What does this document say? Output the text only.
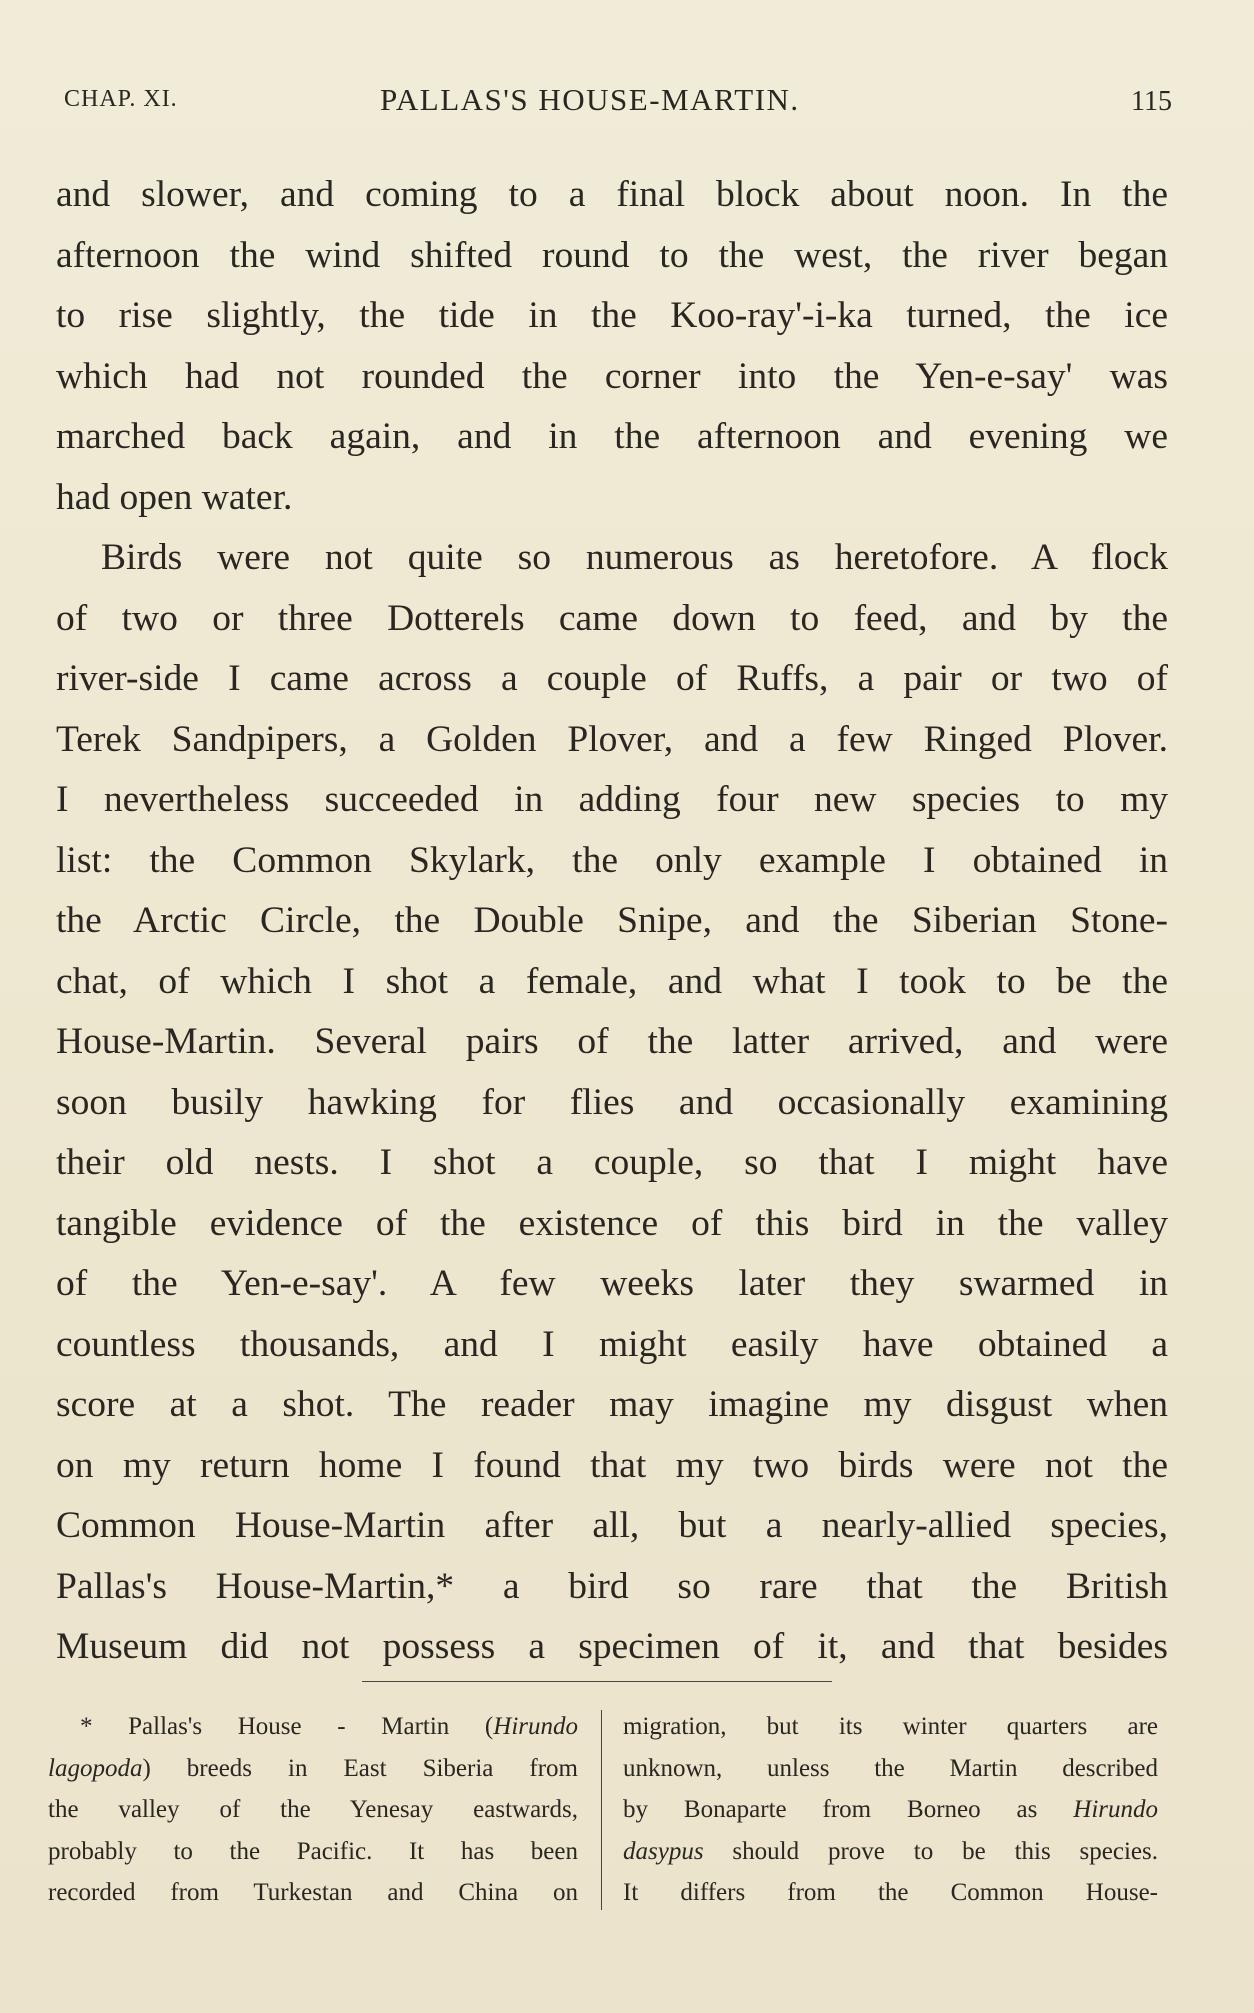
CHAP. XI.	PALLAS'S HOUSE-MARTIN.	115
and slower, and coming to a final block about noon. In the
afternoon the wind shifted round to the west, the river began
to rise slightly, the tide in the Koo-ray'-i-ka turned, the ice
which had not rounded the corner into the Yen-e-say' was
marched back again, and in the afternoon and evening we
had open water.
Birds were not quite so numerous as heretofore. A flock
of two or three Dotterels came down to feed, and by the
river-side I came across a couple of Ruffs, a pair or two of
Terek Sandpipers, a Golden Plover, and a few Ringed Plover.
I nevertheless succeeded in adding four new species to my
list: the Common Skylark, the only example I obtained in
the Arctic Circle, the Double Snipe, and the Siberian Stone-
chat, of which I shot a female, and what I took to be the
House-Martin. Several pairs of the latter arrived, and were
soon busily hawking for flies and occasionally examining
their old nests. I shot a couple, so that I might have
tangible evidence of the existence of this bird in the valley
of the Yen-e-say'. A few weeks later they swarmed in
countless thousands, and I might easily have obtained a
score at a shot. The reader may imagine my disgust when
on my return home I found that my two birds were not the
Common House-Martin after all, but a nearly-allied species,
Pallas's House-Martin,* a bird so rare that the British
Museum did not possess a specimen of it, and that besides
* Pallas's House - Martin (Hirundo
lagopoda) breeds in East Siberia from
the valley of the Yenesay eastwards,
probably to the Pacific. It has been
recorded from Turkestan and China on
migration, but its winter quarters are
unknown, unless the Martin described
by Bonaparte from Borneo as Hirundo
dasypus should prove to be this species.
It differs from the Common House-
